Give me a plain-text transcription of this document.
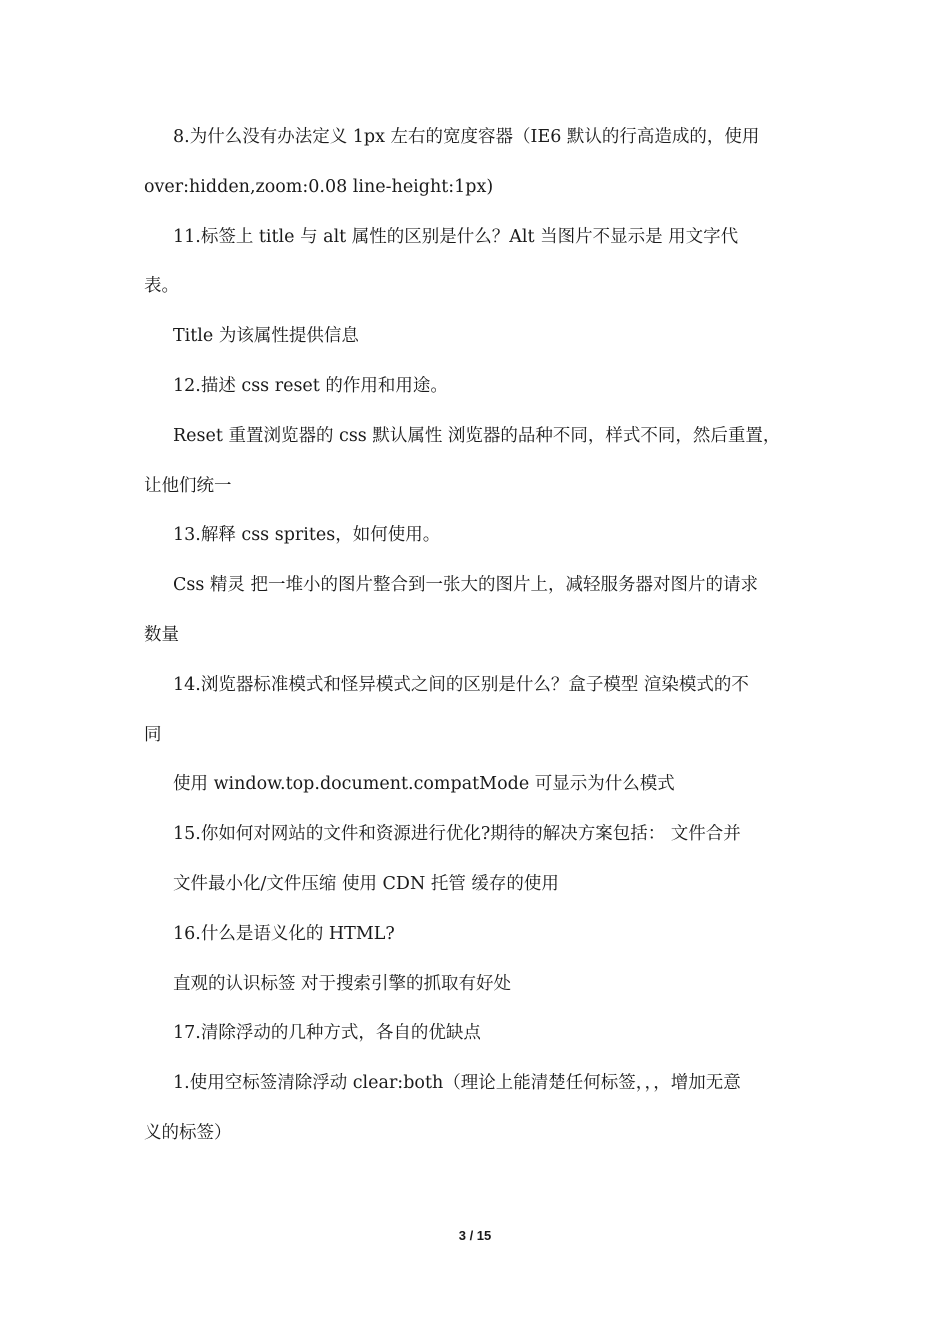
8.为什么没有办法定义 1px 左右的宽度容器（IE6 默认的行高造成的，使用
over:hidden,zoom:0.08 line-height:1px)
11.标签上 title 与 alt 属性的区别是什么？Alt 当图片不显示是 用文字代
表。
Title 为该属性提供信息
12.描述 css reset 的作用和用途。
Reset 重置浏览器的 css 默认属性 浏览器的品种不同，样式不同，然后重置，
让他们统一
13.解释 css sprites，如何使用。
Css 精灵 把一堆小的图片整合到一张大的图片上，减轻服务器对图片的请求
数量
14.浏览器标准模式和怪异模式之间的区别是什么？盒子模型 渲染模式的不
同
使用 window.top.document.compatMode 可显示为什么模式
15.你如何对网站的文件和资源进行优化?期待的解决方案包括： 文件合并
文件最小化/文件压缩 使用 CDN 托管 缓存的使用
16.什么是语义化的 HTML?
直观的认识标签 对于搜索引擎的抓取有好处
17.清除浮动的几种方式，各自的优缺点
1.使用空标签清除浮动 clear:both（理论上能清楚任何标签，，，增加无意
义的标签）
3 / 15
